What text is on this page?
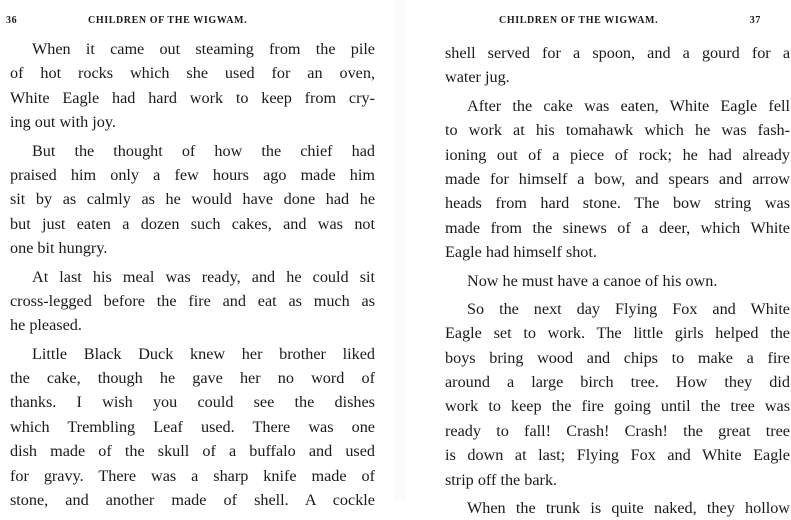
36	CHILDREN OF THE WIGWAM.
When it came out steaming from the pile
of hot rocks which she used for an oven,
White Eagle had hard work to keep from cry-
ing out with joy.
But the thought of how the chief had
praised him only a few hours ago made him
sit by as calmly as he would have done had he
but just eaten a dozen such cakes, and was not
one bit hungry.
At last his meal was ready, and he could sit
cross-legged before the fire and eat as much as
he pleased.
Little Black Duck knew her brother liked
the cake, though he gave her no word of
thanks. I wish you could see the dishes
which Trembling Leaf used. There was one
dish made of the skull of a buffalo and used
for gravy. There was a sharp knife made of
stone, and another made of shell. A cockle
CHILDREN OF THE WIGWAM.	37
shell served for a spoon, and a gourd for a
water jug.
After the cake was eaten, White Eagle fell
to work at his tomahawk which he was fash-
ioning out of a piece of rock; he had already
made for himself a bow, and spears and arrow
heads from hard stone. The bow string was
made from the sinews of a deer, which White
Eagle had himself shot.
Now he must have a canoe of his own.
So the next day Flying Fox and White
Eagle set to work. The little girls helped the
boys bring wood and chips to make a fire
around a large birch tree. How they did
work to keep the fire going until the tree was
ready to fall! Crash! Crash! the great tree
is down at last; Flying Fox and White Eagle
strip off the bark.
When the trunk is quite naked, they hollow
